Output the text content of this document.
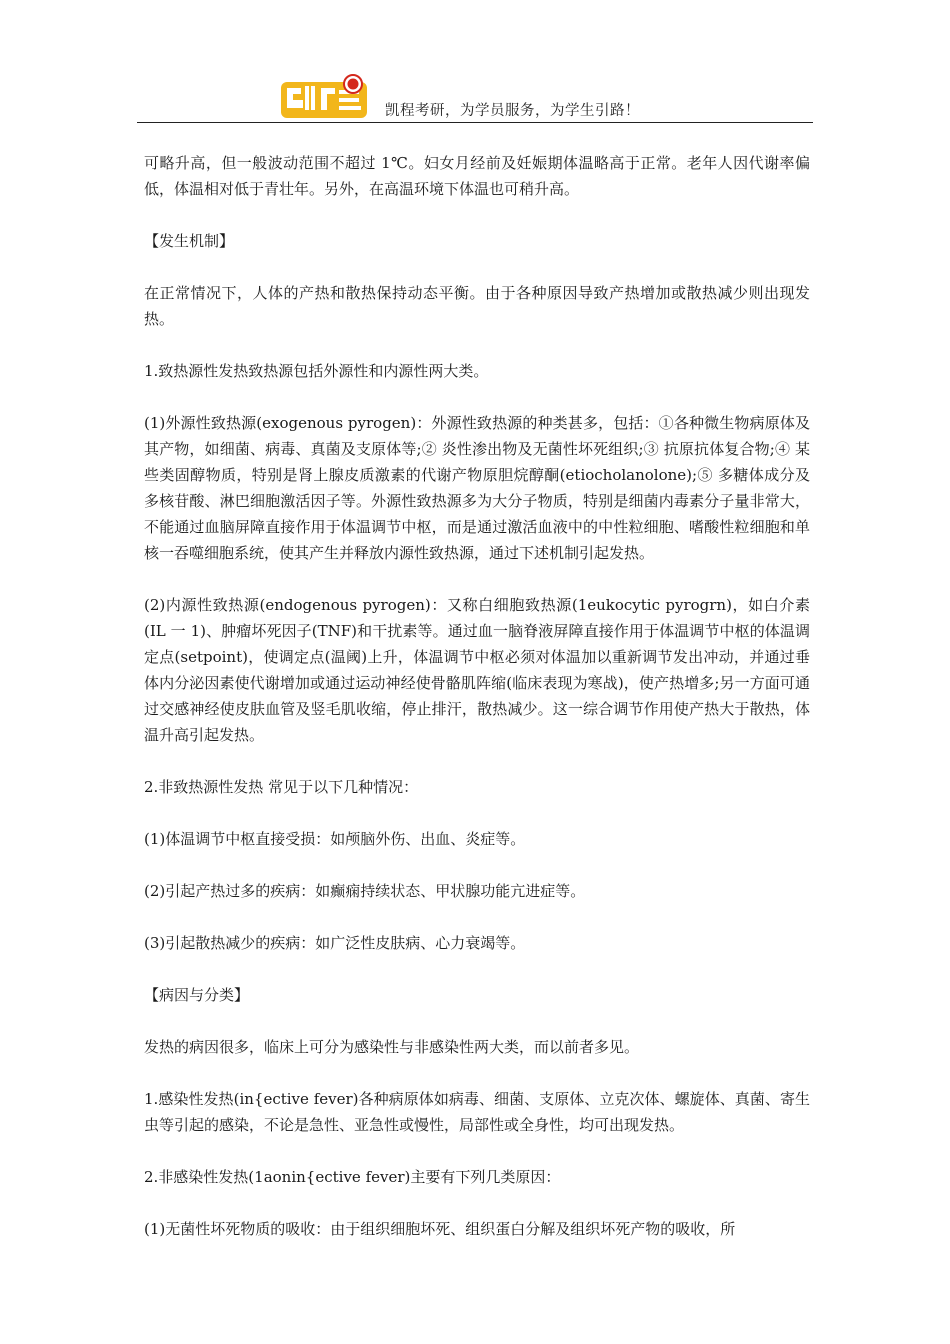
凯程考研，为学员服务，为学生引路！

可略升高，但一般波动范围不超过 1℃。妇女月经前及妊娠期体温略高于正常。老年人因代谢率偏低，体温相对低于青壮年。另外，在高温环境下体温也可稍升高。

【发生机制】

在正常情况下，人体的产热和散热保持动态平衡。由于各种原因导致产热增加或散热减少则出现发热。

1.致热源性发热致热源包括外源性和内源性两大类。

(1)外源性致热源(exogenous pyrogen)：外源性致热源的种类甚多，包括：①各种微生物病原体及其产物，如细菌、病毒、真菌及支原体等;② 炎性渗出物及无菌性坏死组织;③ 抗原抗体复合物;④ 某些类固醇物质，特别是肾上腺皮质激素的代谢产物原胆烷醇酮(etiocholanolone);⑤ 多糖体成分及多核苷酸、淋巴细胞激活因子等。外源性致热源多为大分子物质，特别是细菌内毒素分子量非常大，不能通过血脑屏障直接作用于体温调节中枢，而是通过激活血液中的中性粒细胞、嗜酸性粒细胞和单核一吞噬细胞系统，使其产生并释放内源性致热源，通过下述机制引起发热。

(2)内源性致热源(endogenous pyrogen)：又称白细胞致热源(1eukocytic pyrogrn)，如白介素(IL 一 1)、肿瘤坏死因子(TNF)和干扰素等。通过血一脑脊液屏障直接作用于体温调节中枢的体温调定点(setpoint)，使调定点(温阈)上升，体温调节中枢必须对体温加以重新调节发出冲动，并通过垂体内分泌因素使代谢增加或通过运动神经使骨骼肌阵缩(临床表现为寒战)，使产热增多;另一方面可通过交感神经使皮肤血管及竖毛肌收缩，停止排汗，散热减少。这一综合调节作用使产热大于散热，体温升高引起发热。

2.非致热源性发热 常见于以下几种情况：

(1)体温调节中枢直接受损：如颅脑外伤、出血、炎症等。

(2)引起产热过多的疾病：如癫痫持续状态、甲状腺功能亢进症等。

(3)引起散热减少的疾病：如广泛性皮肤病、心力衰竭等。

【病因与分类】

发热的病因很多，临床上可分为感染性与非感染性两大类，而以前者多见。

1.感染性发热(in{ective fever)各种病原体如病毒、细菌、支原体、立克次体、螺旋体、真菌、寄生虫等引起的感染，不论是急性、亚急性或慢性，局部性或全身性，均可出现发热。

2.非感染性发热(1aonin{ective fever)主要有下列几类原因：

(1)无菌性坏死物质的吸收：由于组织细胞坏死、组织蛋白分解及组织坏死产物的吸收，所
